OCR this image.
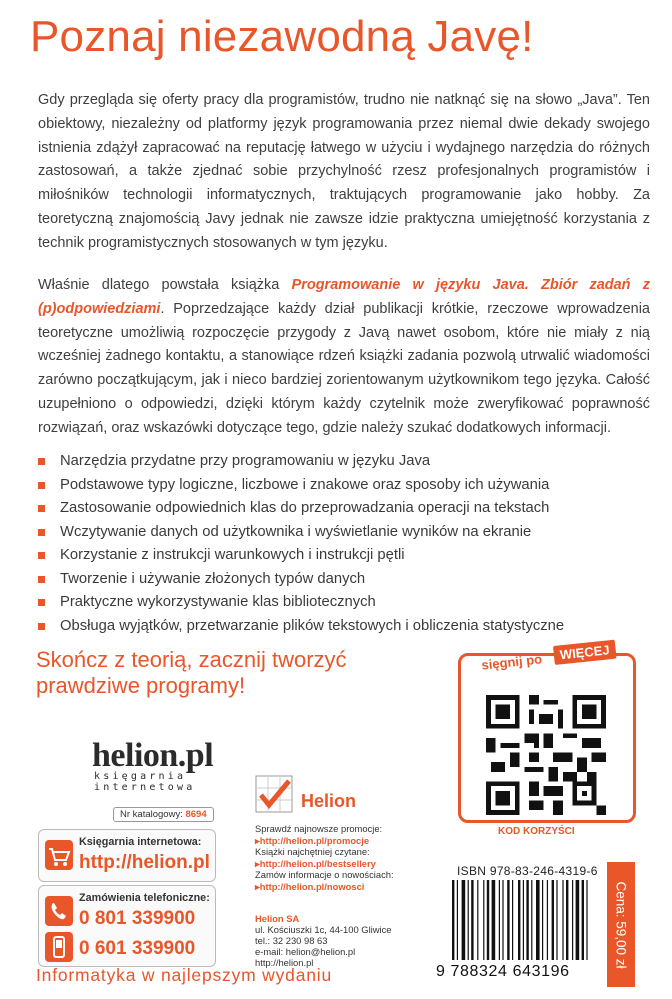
Poznaj niezawodną Javę!

Gdy przegląda się oferty pracy dla programistów, trudno nie natknąć się na słowo „Java”. Ten obiektowy, niezależny od platformy język programowania przez niemal dwie dekady swojego istnienia zdążył zapracować na reputację łatwego w użyciu i wydajnego narzędzia do różnych zastosowań, a także zjednać sobie przychylność rzesz profesjonalnych programistów i miłośników technologii informatycznych, traktujących programowanie jako hobby. Za teoretyczną znajomością Javy jednak nie zawsze idzie praktyczna umiejętność korzystania z technik programistycznych stosowanych w tym języku.

Właśnie dlatego powstała książka Programowanie w języku Java. Zbiór zadań z (p)odpowiedziami. Poprzedzające każdy dział publikacji krótkie, rzeczowe wprowadzenia teoretyczne umożliwią rozpoczęcie przygody z Javą nawet osobom, które nie miały z nią wcześniej żadnego kontaktu, a stanowiące rdzeń książki zadania pozwolą utrwalić wiadomości zarówno początkującym, jak i nieco bardziej zorientowanym użytkownikom tego języka. Całość uzupełniono o odpowiedzi, dzięki którym każdy czytelnik może zweryfikować poprawność rozwiązań, oraz wskazówki dotyczące tego, gdzie należy szukać dodatkowych informacji.

Narzędzia przydatne przy programowaniu w języku Java
Podstawowe typy logiczne, liczbowe i znakowe oraz sposoby ich używania
Zastosowanie odpowiednich klas do przeprowadzania operacji na tekstach
Wczytywanie danych od użytkownika i wyświetlanie wyników na ekranie
Korzystanie z instrukcji warunkowych i instrukcji pętli
Tworzenie i używanie złożonych typów danych
Praktyczne wykorzystywanie klas bibliotecznych
Obsługa wyjątków, przetwarzanie plików tekstowych i obliczenia statystyczne
Skończ z teorią, zacznij tworzyć
prawdziwe programy!
helion.pl
księgarnia
internetowa
Nr katalogowy: 8694
Księgarnia internetowa:
http://helion.pl
Zamówienia telefoniczne:
0 801 339900
0 601 339900
Helion
Sprawdź najnowsze promocje:
▸ http://helion.pl/promocje
Książki najchętniej czytane:
▸ http://helion.pl/bestsellery
Zamów informacje o nowościach:
▸ http://helion.pl/nowosci
Helion SA
ul. Kościuszki 1c, 44-100 Gliwice
tel.: 32 230 98 63
e-mail: helion@helion.pl
http://helion.pl
sięgnij po	WIĘCEJ
KOD KORZYŚCI
ISBN 978-83-246-4319-6
9 788324 643196
Cena: 59,00 zł
Informatyka w najlepszym wydaniu
